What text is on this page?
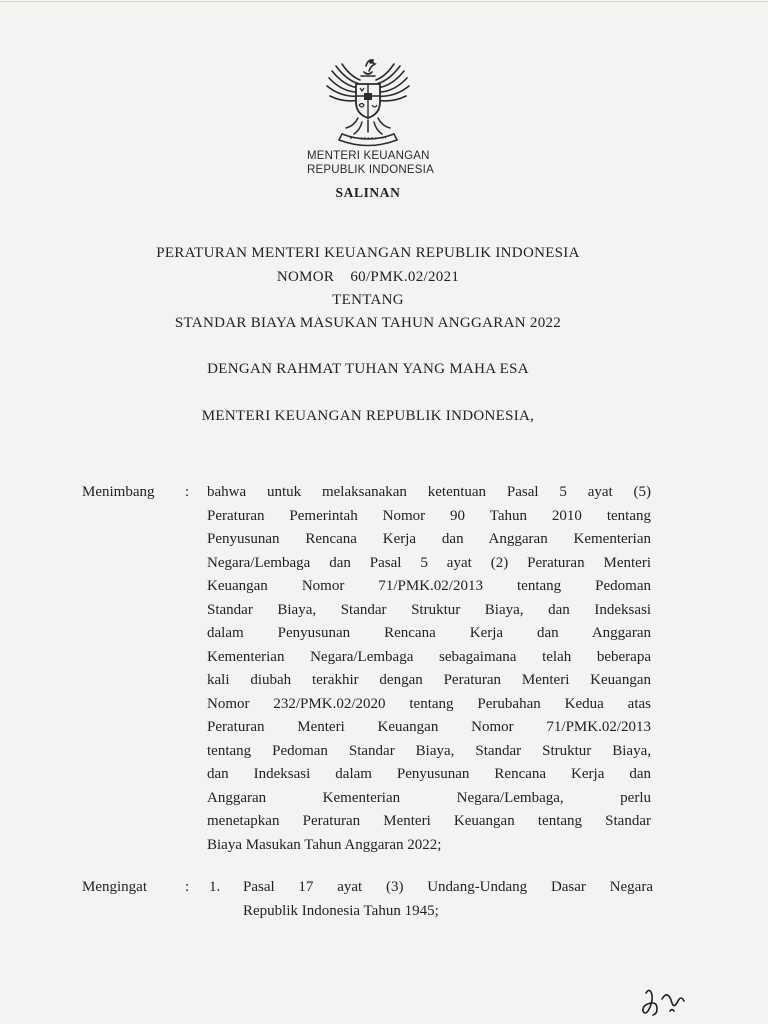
MENTERI KEUANGAN
REPUBLIK INDONESIA
SALINAN
PERATURAN MENTERI KEUANGAN REPUBLIK INDONESIA
NOMOR    60/PMK.02/2021
TENTANG
STANDAR BIAYA MASUKAN TAHUN ANGGARAN 2022
DENGAN RAHMAT TUHAN YANG MAHA ESA
MENTERI KEUANGAN REPUBLIK INDONESIA,
Menimbang : bahwa untuk melaksanakan ketentuan Pasal 5 ayat (5)
Peraturan Pemerintah Nomor 90 Tahun 2010 tentang
Penyusunan Rencana Kerja dan Anggaran Kementerian
Negara/Lembaga dan Pasal 5 ayat (2) Peraturan Menteri
Keuangan Nomor 71/PMK.02/2013 tentang Pedoman
Standar Biaya, Standar Struktur Biaya, dan Indeksasi
dalam Penyusunan Rencana Kerja dan Anggaran
Kementerian Negara/Lembaga sebagaimana telah beberapa
kali diubah terakhir dengan Peraturan Menteri Keuangan
Nomor 232/PMK.02/2020 tentang Perubahan Kedua atas
Peraturan Menteri Keuangan Nomor 71/PMK.02/2013
tentang Pedoman Standar Biaya, Standar Struktur Biaya,
dan Indeksasi dalam Penyusunan Rencana Kerja dan
Anggaran Kementerian Negara/Lembaga, perlu
menetapkan Peraturan Menteri Keuangan tentang Standar
Biaya Masukan Tahun Anggaran 2022;
Mengingat	: 1. Pasal 17 ayat (3) Undang-Undang Dasar Negara
Republik Indonesia Tahun 1945;
